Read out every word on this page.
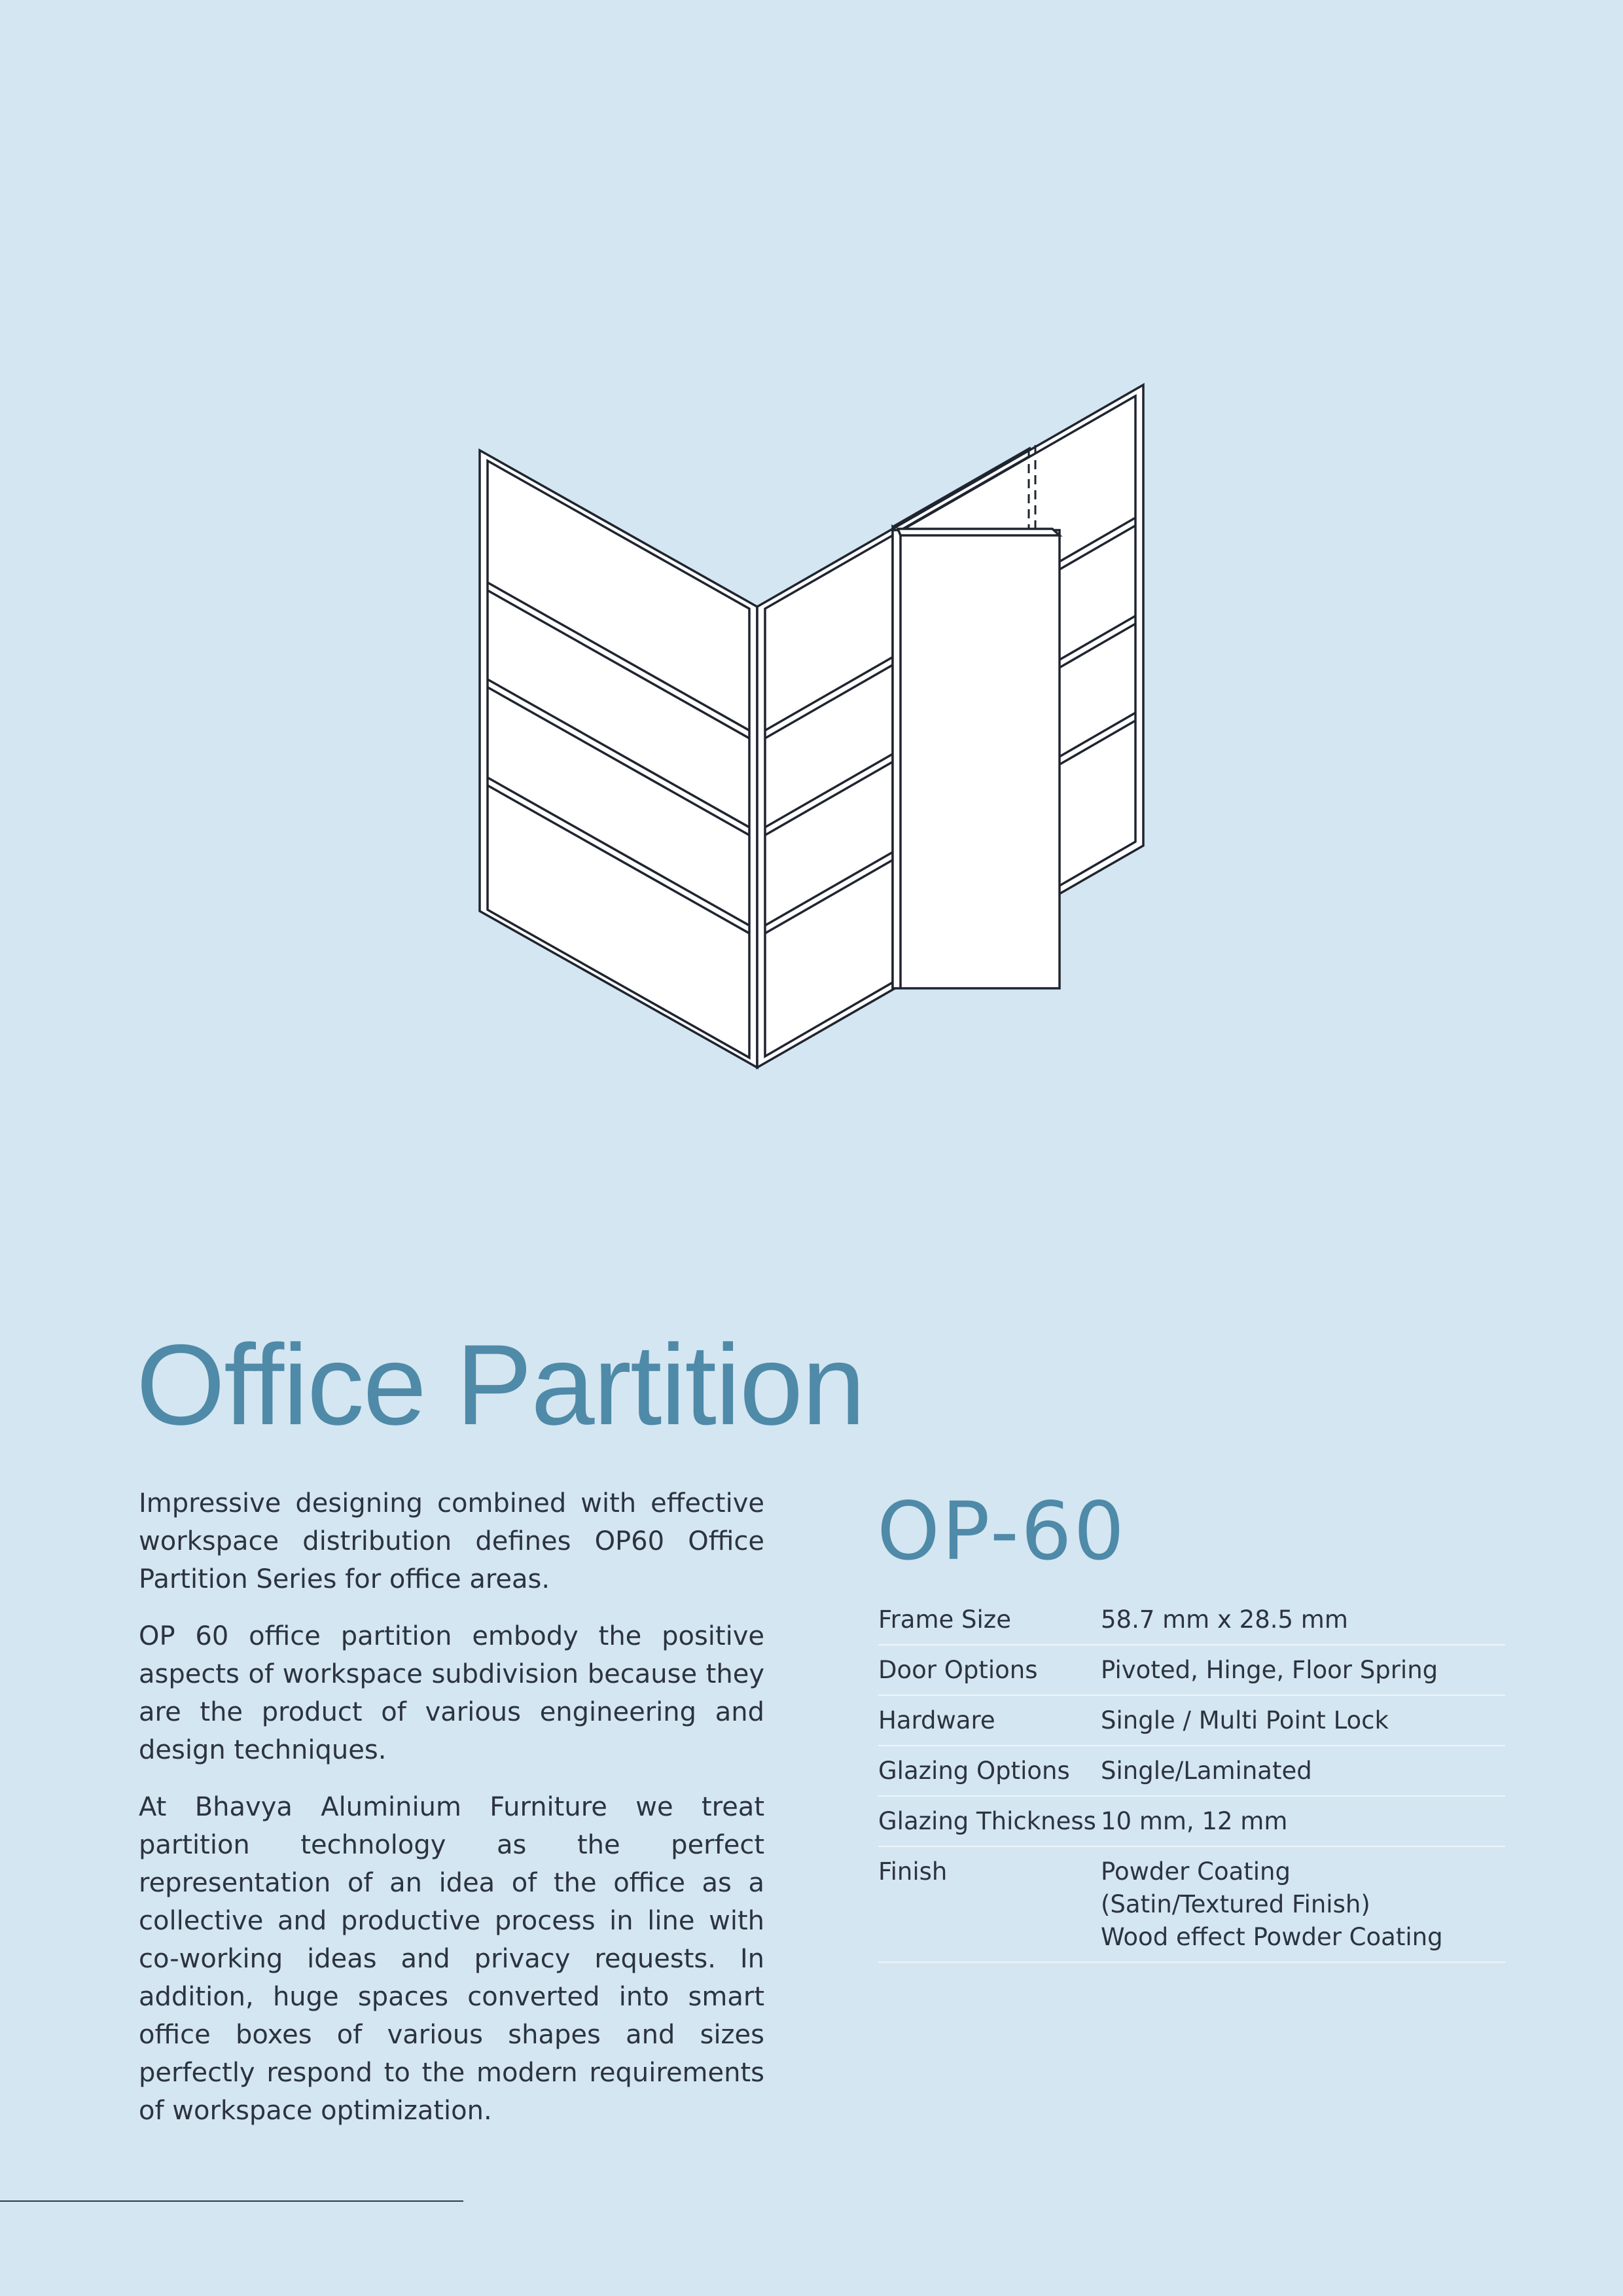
Office Partition

Impressive designing combined with effective workspace distribution defines OP60 Office Partition Series for office areas.

OP 60 office partition embody the positive aspects of workspace subdivision because they are the product of various engineering and design techniques.

At Bhavya Aluminium Furniture we treat partition technology as the perfect representation of an idea of the office as a collective and productive process in line with co-working ideas and privacy requests. In addition, huge spaces converted into smart office boxes of various shapes and sizes perfectly respond to the modern requirements of workspace optimization.

OP-60
Frame Size	58.7 mm x 28.5 mm
Door Options	Pivoted, Hinge, Floor Spring
Hardware	Single / Multi Point Lock
Glazing Options	Single/Laminated
Glazing Thickness 10 mm, 12 mm
Finish	Powder Coating
(Satin/Textured Finish)
Wood effect Powder Coating
